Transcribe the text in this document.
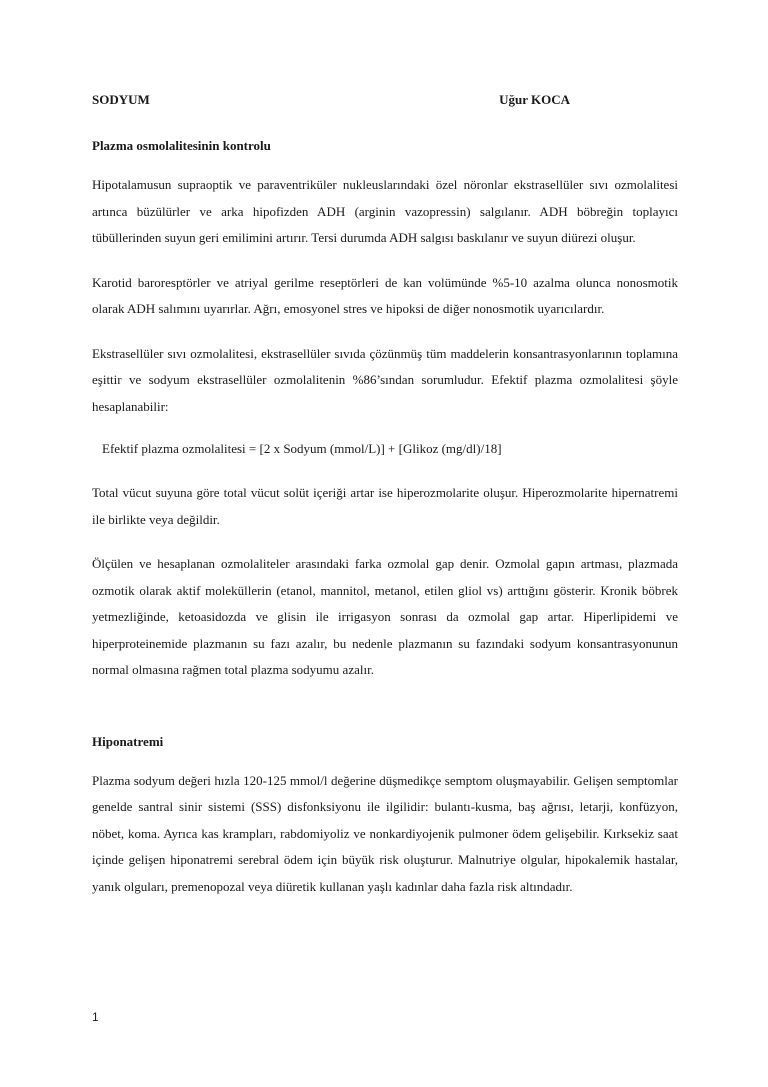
SODYUM	Uğur KOCA
Plazma osmolalitesinin kontrolu

Hipotalamusun supraoptik ve paraventriküler nukleuslarındaki özel nöronlar ekstrasellüler sıvı ozmolalitesi artınca büzülürler ve arka hipofizden ADH (arginin vazopressin) salgılanır. ADH böbreğin toplayıcı tübüllerinden suyun geri emilimini artırır. Tersi durumda ADH salgısı baskılanır ve suyun diürezi oluşur.

Karotid baroresptörler ve atriyal gerilme reseptörleri de kan volümünde %5-10 azalma olunca nonosmotik olarak ADH salımını uyarırlar. Ağrı, emosyonel stres ve hipoksi de diğer nonosmotik uyarıcılardır.

Ekstrasellüler sıvı ozmolalitesi, ekstrasellüler sıvıda çözünmüş tüm maddelerin konsantrasyonlarının toplamına eşittir ve sodyum ekstrasellüler ozmolalitenin %86’sından sorumludur. Efektif plazma ozmolalitesi şöyle hesaplanabilir:

Efektif plazma ozmolalitesi = [2 x Sodyum (mmol/L)] + [Glikoz (mg/dl)/18]

Total vücut suyuna göre total vücut solüt içeriği artar ise hiperozmolarite oluşur. Hiperozmolarite hipernatremi ile birlikte veya değildir.

Ölçülen ve hesaplanan ozmolaliteler arasındaki farka ozmolal gap denir. Ozmolal gapın artması, plazmada ozmotik olarak aktif moleküllerin (etanol, mannitol, metanol, etilen gliol vs) arttığını gösterir. Kronik böbrek yetmezliğinde, ketoasidozda ve glisin ile irrigasyon sonrası da ozmolal gap artar. Hiperlipidemi ve hiperproteinemide plazmanın su fazı azalır, bu nedenle plazmanın su fazındaki sodyum konsantrasyonunun normal olmasına rağmen total plazma sodyumu azalır.

Hiponatremi

Plazma sodyum değeri hızla 120-125 mmol/l değerine düşmedikçe semptom oluşmayabilir. Gelişen semptomlar genelde santral sinir sistemi (SSS) disfonksiyonu ile ilgilidir: bulantı-kusma, baş ağrısı, letarji, konfüzyon, nöbet, koma. Ayrıca kas krampları, rabdomiyoliz ve nonkardiyojenik pulmoner ödem gelişebilir. Kırksekiz saat içinde gelişen hiponatremi serebral ödem için büyük risk oluşturur. Malnutriye olgular, hipokalemik hastalar, yanık olguları, premenopozal veya diüretik kullanan yaşlı kadınlar daha fazla risk altındadır.

1
